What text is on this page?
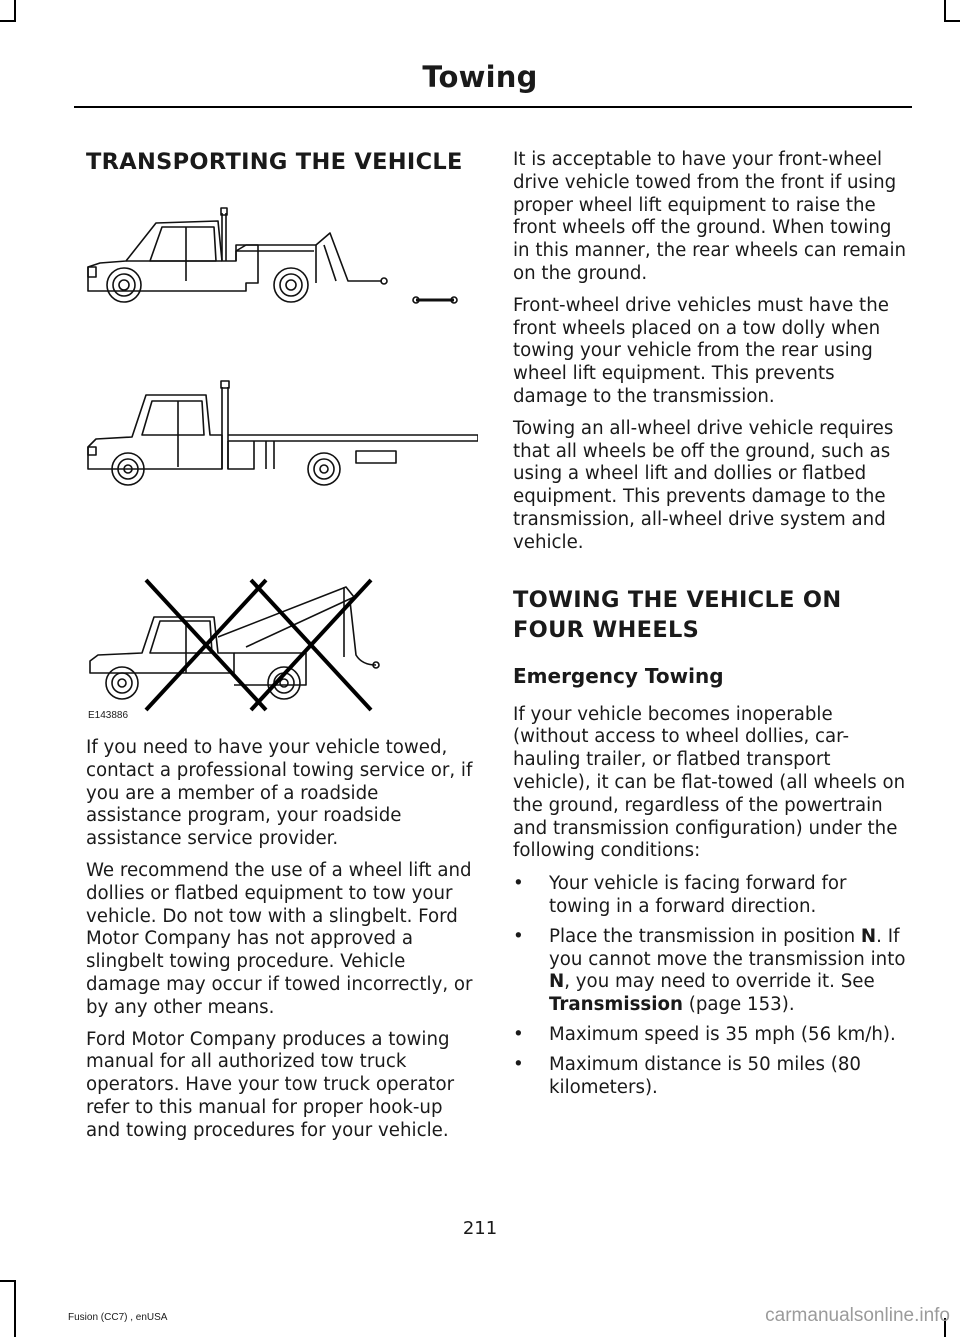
Towing
TRANSPORTING THE VEHICLE
E143886

If you need to have your vehicle towed, contact a professional towing service or, if you are a member of a roadside assistance program, your roadside assistance service provider.

We recommend the use of a wheel lift and dollies or flatbed equipment to tow your vehicle. Do not tow with a slingbelt. Ford Motor Company has not approved a slingbelt towing procedure. Vehicle damage may occur if towed incorrectly, or by any other means.

Ford Motor Company produces a towing manual for all authorized tow truck operators. Have your tow truck operator refer to this manual for proper hook-up and towing procedures for your vehicle.

It is acceptable to have your front-wheel drive vehicle towed from the front if using proper wheel lift equipment to raise the front wheels off the ground. When towing in this manner, the rear wheels can remain on the ground.

Front-wheel drive vehicles must have the front wheels placed on a tow dolly when towing your vehicle from the rear using wheel lift equipment. This prevents damage to the transmission.

Towing an all-wheel drive vehicle requires that all wheels be off the ground, such as using a wheel lift and dollies or flatbed equipment. This prevents damage to the transmission, all-wheel drive system and vehicle.

TOWING THE VEHICLE ON
FOUR WHEELS
Emergency Towing

If your vehicle becomes inoperable (without access to wheel dollies, car-hauling trailer, or flatbed transport vehicle), it can be flat-towed (all wheels on the ground, regardless of the powertrain and transmission configuration) under the following conditions:

• Your vehicle is facing forward for towing in a forward direction.
• Place the transmission in position N. If you cannot move the transmission into N, you may need to override it. See Transmission (page 153).
• Maximum speed is 35 mph (56 km/h).
• Maximum distance is 50 miles (80 kilometers).
211
Fusion (CC7) , enUSA	carmanualsonline.info
